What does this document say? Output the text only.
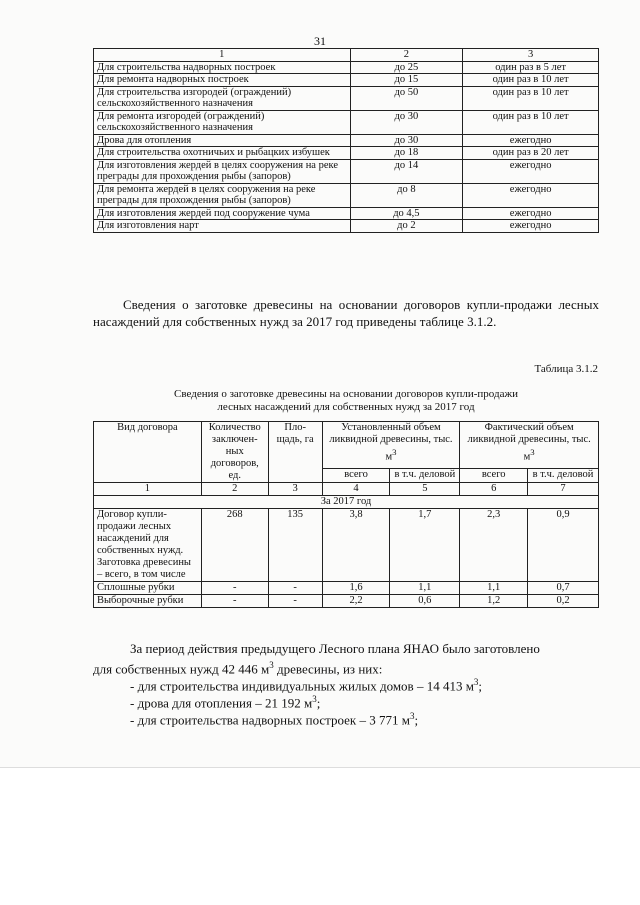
31
1	2	3
Для строительства надворных построек	до 25	один раз в 5 лет
Для ремонта надворных построек	до 15	один раз в 10 лет
Для строительства изгородей (ограждений) сельскохозяйственного назначения	до 50	один раз в 10 лет
Для ремонта изгородей (ограждений) сельскохозяйственного назначения	до 30	один раз в 10 лет
Дрова для отопления	до 30	ежегодно
Для строительства охотничьих и рыбацких избушек	до 18	один раз в 20 лет
Для изготовления жердей в целях сооружения на реке преграды для прохождения рыбы (запоров)	до 14	ежегодно
Для ремонта жердей в целях сооружения на реке преграды для прохождения рыбы (запоров)	до 8	ежегодно
Для изготовления жердей под сооружение чума	до 4,5	ежегодно
Для изготовления нарт	до 2	ежегодно
Сведения о заготовке древесины на основании договоров купли-продажи лесных насаждений для собственных нужд за 2017 год приведены таблице 3.1.2.
Таблица 3.1.2
Сведения о заготовке древесины на основании договоров купли-продажи
лесных насаждений для собственных нужд за 2017 год
Вид договора	Количество заключен-ных договоров, ед.	Пло-щадь, га	Установленный объем ликвидной древесины, тыс. $м^3$		Фактический объем ликвидной древесины, тыс. $м^3$
			всего	в т.ч. деловой	всего	в т.ч. деловой
1	2	3	4	5	6	7
За 2017 год						
Договор купли-продажи лесных насаждений для собственных нужд. Заготовка древесины – всего, в том числе	268	135	3,8	1,7	2,3	0,9
Сплошные рубки	-	-	1,6	1,1	1,1	0,7
Выборочные рубки	-	-	2,2	0,6	1,2	0,2
За период действия предыдущего Лесного плана ЯНАО было заготовлено
для собственных нужд 42 446 $м^3$ древесины, из них:
- для строительства индивидуальных жилых домов – 14 413 $м^3$;
- дрова для отопления – 21 192 $м^3$;
- для строительства надворных построек – 3 771 $м^3$;
